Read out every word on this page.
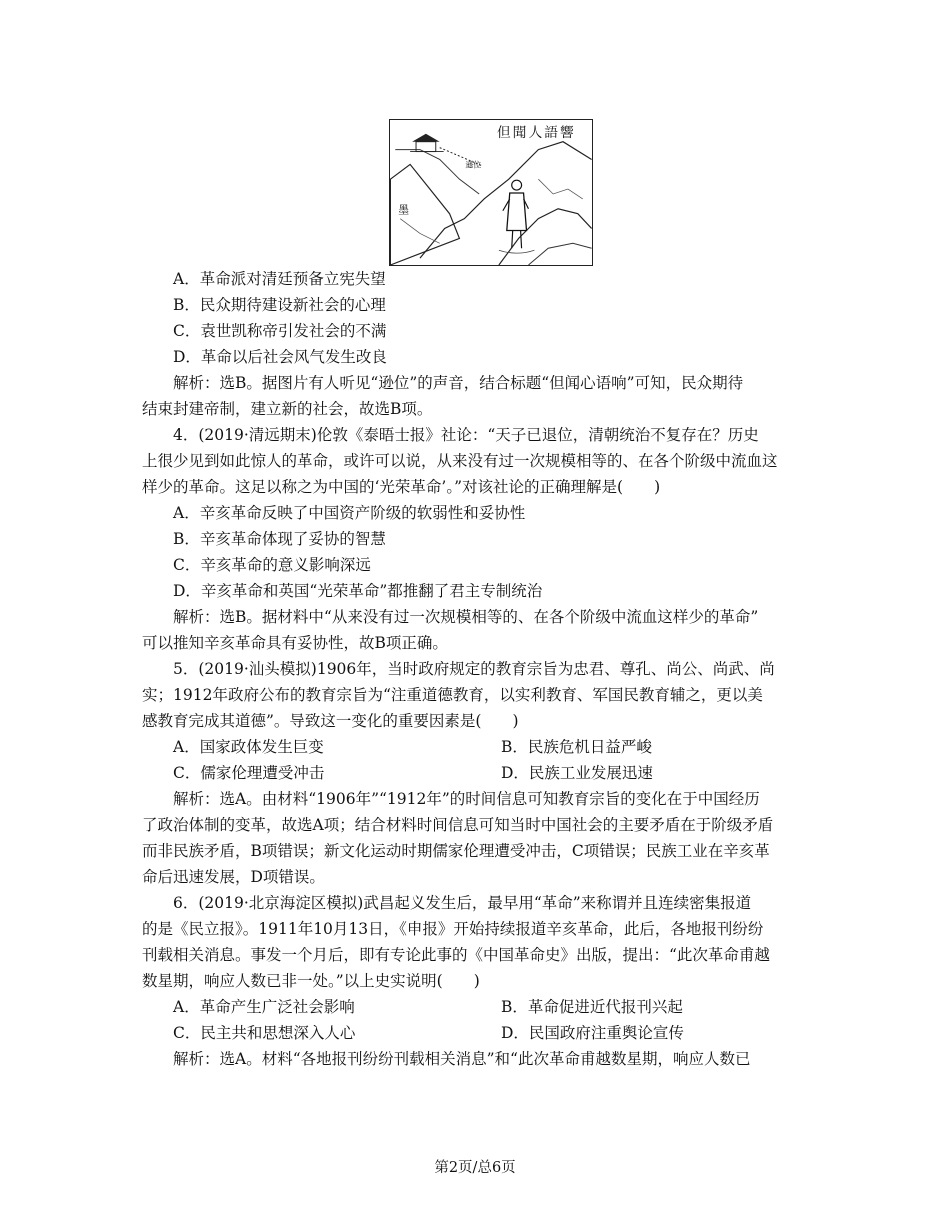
但聞人語響
遜位
墨
A．革命派对清廷预备立宪失望
B．民众期待建设新社会的心理
C．袁世凯称帝引发社会的不满
D．革命以后社会风气发生改良
解析：选B。据图片有人听见“逊位”的声音，结合标题“但闻心语响”可知，民众期待
结束封建帝制，建立新的社会，故选B项。
4．(2019·清远期末)伦敦《泰晤士报》社论：“天子已退位，清朝统治不复存在？历史
上很少见到如此惊人的革命，或许可以说，从来没有过一次规模相等的、在各个阶级中流血这
样少的革命。这足以称之为中国的‘光荣革命’。”对该社论的正确理解是(　　)
A．辛亥革命反映了中国资产阶级的软弱性和妥协性
B．辛亥革命体现了妥协的智慧
C．辛亥革命的意义影响深远
D．辛亥革命和英国“光荣革命”都推翻了君主专制统治
解析：选B。据材料中“从来没有过一次规模相等的、在各个阶级中流血这样少的革命”
可以推知辛亥革命具有妥协性，故B项正确。
5．(2019·汕头模拟)1906年，当时政府规定的教育宗旨为忠君、尊孔、尚公、尚武、尚
实；1912年政府公布的教育宗旨为“注重道德教育，以实利教育、军国民教育辅之，更以美
感教育完成其道德”。导致这一变化的重要因素是(　　)
A．国家政体发生巨变	B．民族危机日益严峻
C．儒家伦理遭受冲击	D．民族工业发展迅速
解析：选A。由材料“1906年”“1912年”的时间信息可知教育宗旨的变化在于中国经历
了政治体制的变革，故选A项；结合材料时间信息可知当时中国社会的主要矛盾在于阶级矛盾
而非民族矛盾，B项错误；新文化运动时期儒家伦理遭受冲击，C项错误；民族工业在辛亥革
命后迅速发展，D项错误。
6．(2019·北京海淀区模拟)武昌起义发生后，最早用“革命”来称谓并且连续密集报道
的是《民立报》。1911年10月13日，《申报》开始持续报道辛亥革命，此后，各地报刊纷纷
刊载相关消息。事发一个月后，即有专论此事的《中国革命史》出版，提出：“此次革命甫越
数星期，响应人数已非一处。”以上史实说明(　　)
A．革命产生广泛社会影响	B．革命促进近代报刊兴起
C．民主共和思想深入人心	D．民国政府注重舆论宣传
解析：选A。材料“各地报刊纷纷刊载相关消息”和“此次革命甫越数星期，响应人数已
第2页/总6页
